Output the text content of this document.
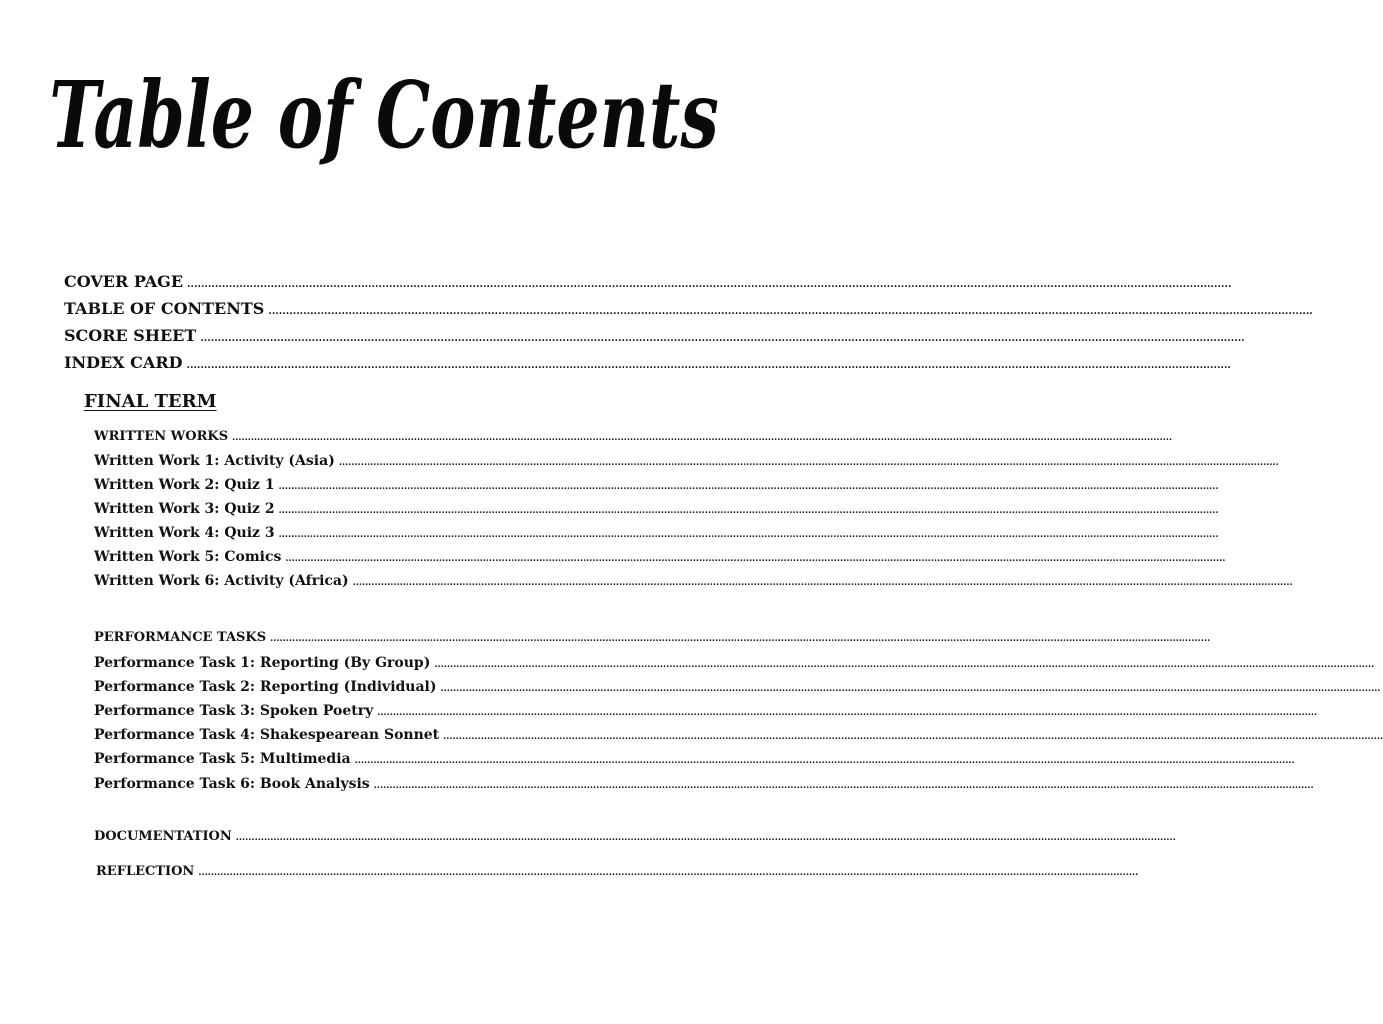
Table of Contents
COVER PAGE ............................................................................................................................................................................................................................................................................................................
TABLE OF CONTENTS ............................................................................................................................................................................................................................................................................................................
SCORE SHEET ............................................................................................................................................................................................................................................................................................................
INDEX CARD ............................................................................................................................................................................................................................................................................................................
FINAL TERM
WRITTEN WORKS ............................................................................................................................................................................................................................................................................................................
Written Work 1: Activity (Asia) ............................................................................................................................................................................................................................................................................................................
Written Work 2: Quiz 1 ............................................................................................................................................................................................................................................................................................................
Written Work 3: Quiz 2 ............................................................................................................................................................................................................................................................................................................
Written Work 4: Quiz 3 ............................................................................................................................................................................................................................................................................................................
Written Work 5: Comics ............................................................................................................................................................................................................................................................................................................
Written Work 6: Activity (Africa) ............................................................................................................................................................................................................................................................................................................
PERFORMANCE TASKS ............................................................................................................................................................................................................................................................................................................
Performance Task 1: Reporting (By Group) ............................................................................................................................................................................................................................................................................................................
Performance Task 2: Reporting (Individual) ............................................................................................................................................................................................................................................................................................................
Performance Task 3: Spoken Poetry ............................................................................................................................................................................................................................................................................................................
Performance Task 4: Shakespearean Sonnet ............................................................................................................................................................................................................................................................................................................
Performance Task 5: Multimedia ............................................................................................................................................................................................................................................................................................................
Performance Task 6: Book Analysis ............................................................................................................................................................................................................................................................................................................
DOCUMENTATION ............................................................................................................................................................................................................................................................................................................
REFLECTION ............................................................................................................................................................................................................................................................................................................
